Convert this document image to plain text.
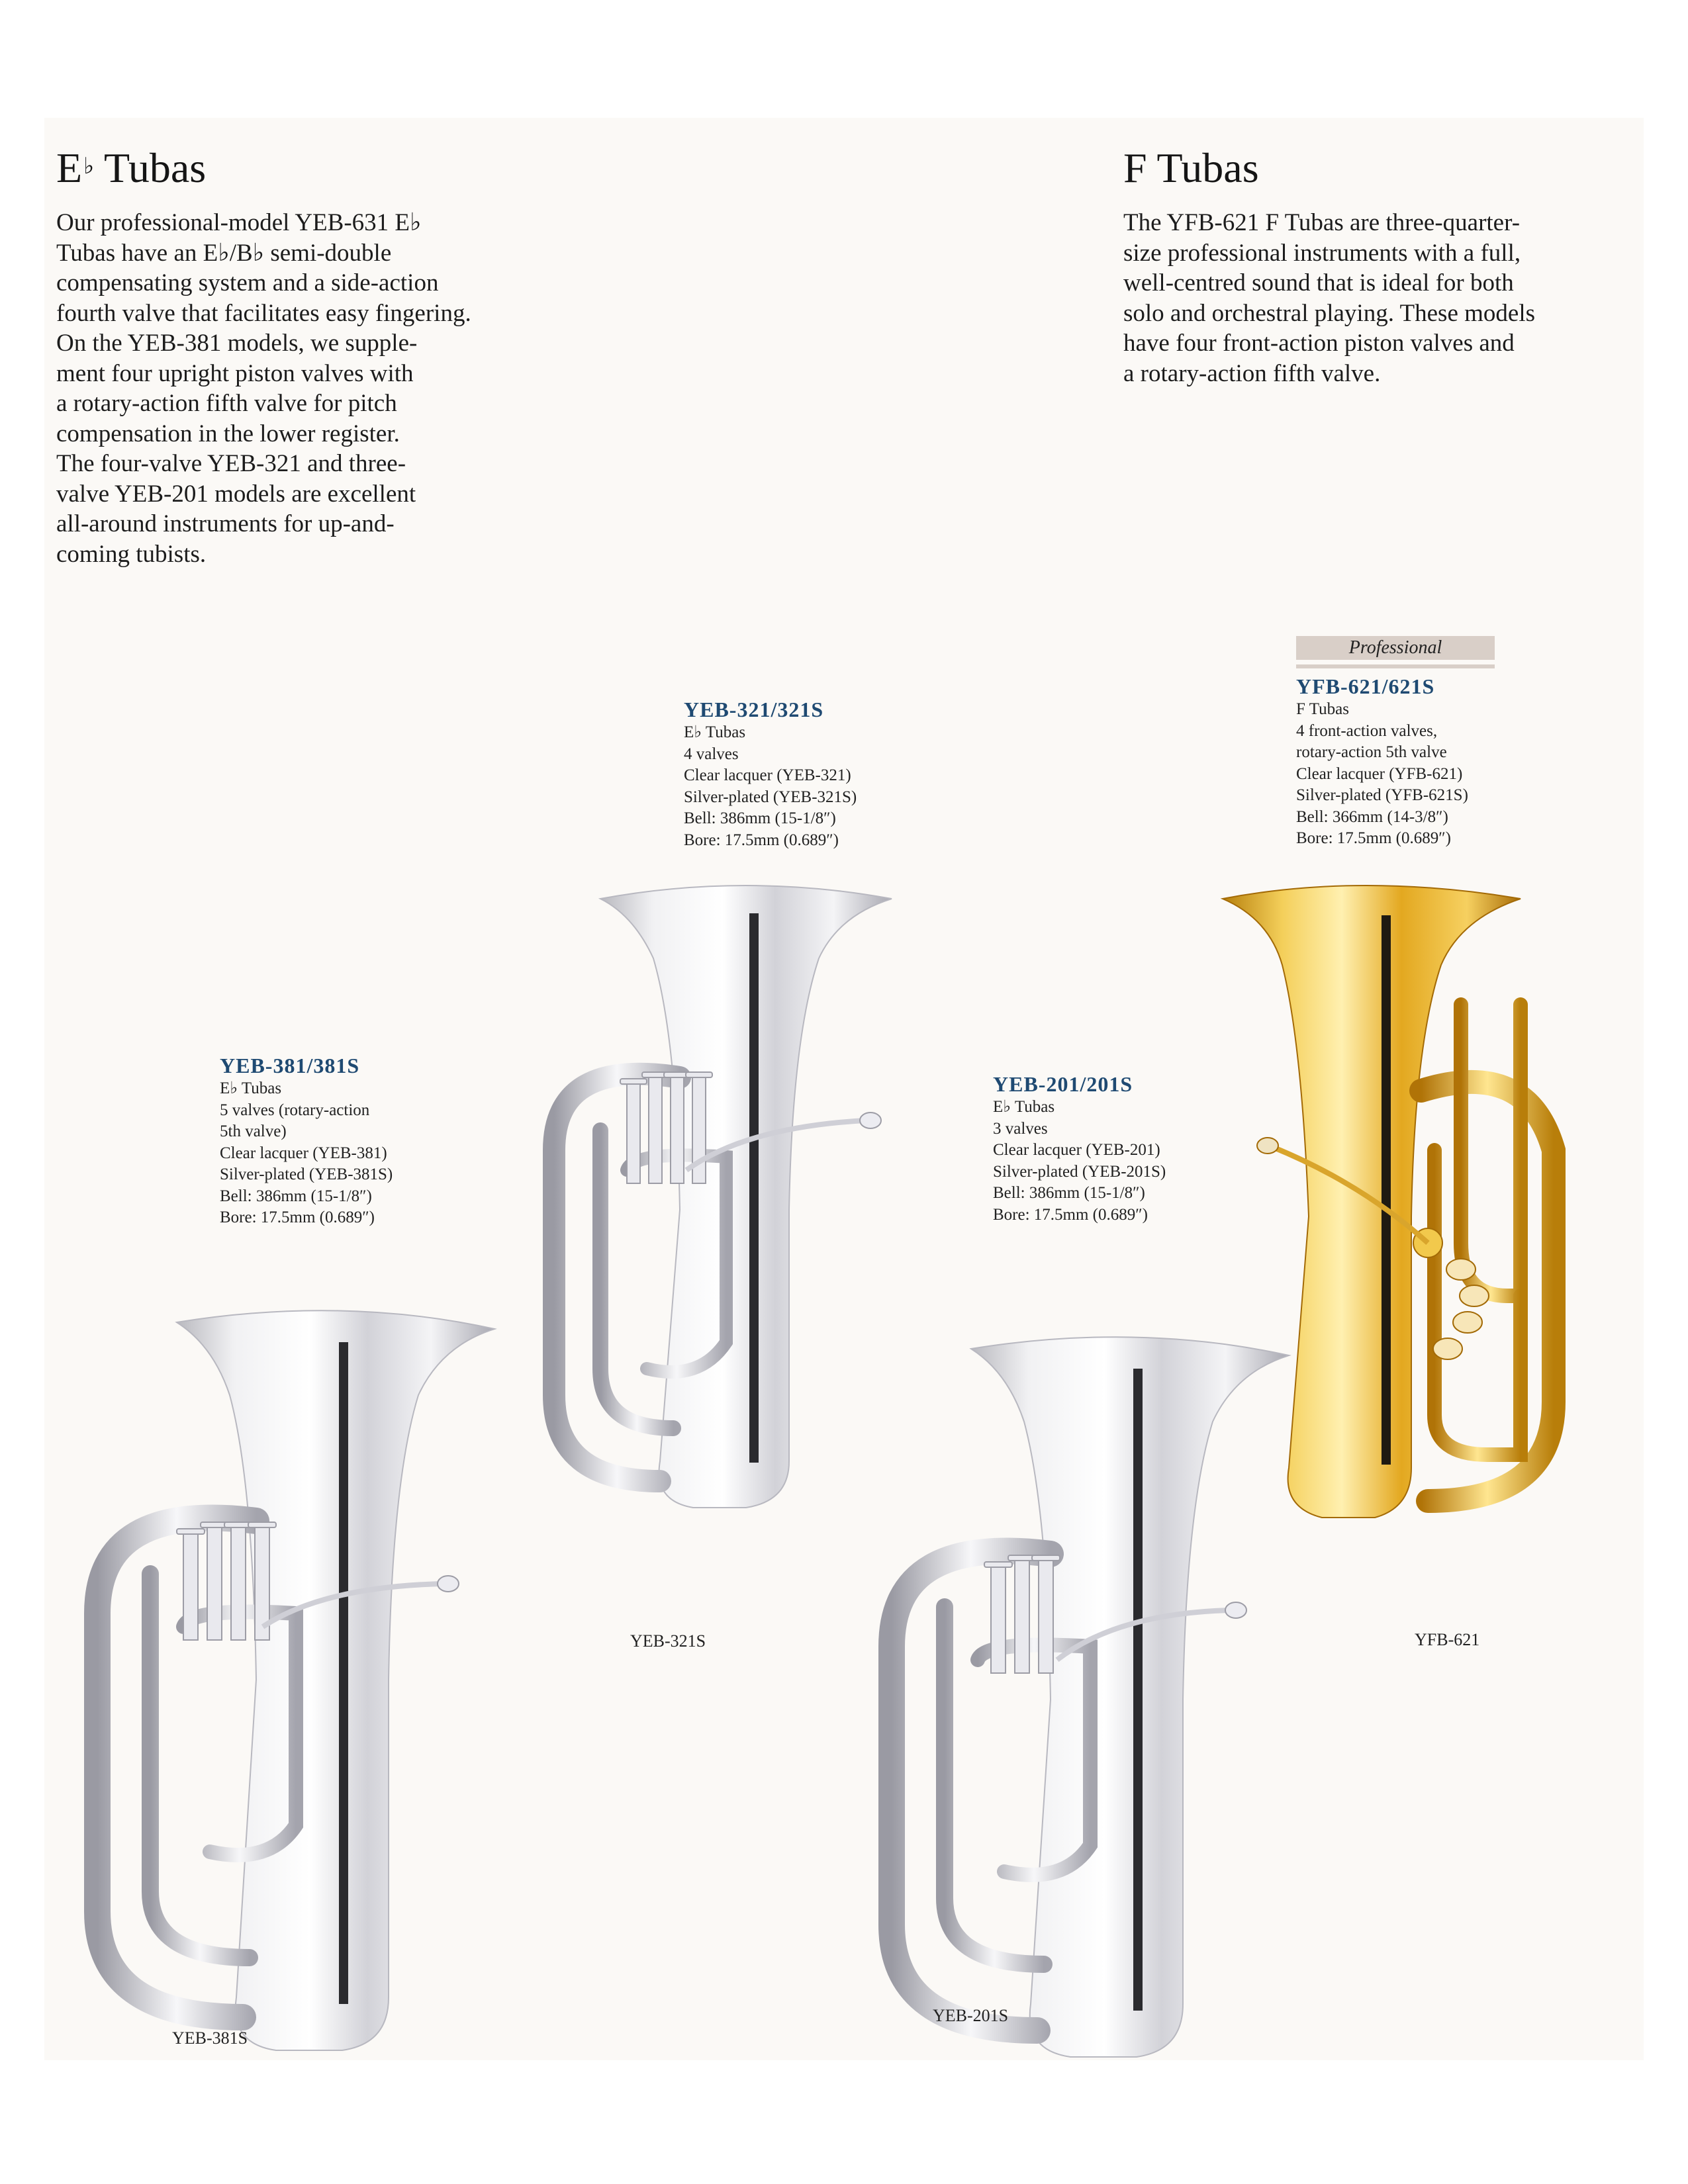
E♭ Tubas
Our professional-model YEB-631 E♭
Tubas have an E♭/B♭ semi-double
compensating system and a side-action
fourth valve that facilitates easy fingering.
On the YEB-381 models, we supple-
ment four upright piston valves with
a rotary-action fifth valve for pitch
compensation in the lower register.
The four-valve YEB-321 and three-
valve YEB-201 models are excellent
all-around instruments for up-and-
coming tubists.
F Tubas
The YFB-621 F Tubas are three-quarter-
size professional instruments with a full,
well-centred sound that is ideal for both
solo and orchestral playing. These models
have four front-action piston valves and
a rotary-action fifth valve.
YEB-321/321S
E♭ Tubas
4 valves
Clear lacquer (YEB-321)
Silver-plated (YEB-321S)
Bell: 386mm (15-1/8″)
Bore: 17.5mm (0.689″)
Professional
YFB-621/621S
F Tubas
4 front-action valves,
rotary-action 5th valve
Clear lacquer (YFB-621)
Silver-plated (YFB-621S)
Bell: 366mm (14-3/8″)
Bore: 17.5mm (0.689″)
YEB-381/381S
E♭ Tubas
5 valves (rotary-action
5th valve)
Clear lacquer (YEB-381)
Silver-plated (YEB-381S)
Bell: 386mm (15-1/8″)
Bore: 17.5mm (0.689″)
YEB-201/201S
E♭ Tubas
3 valves
Clear lacquer (YEB-201)
Silver-plated (YEB-201S)
Bell: 386mm (15-1/8″)
Bore: 17.5mm (0.689″)
YEB-321S	YFB-621
YEB-381S
YEB-201S
